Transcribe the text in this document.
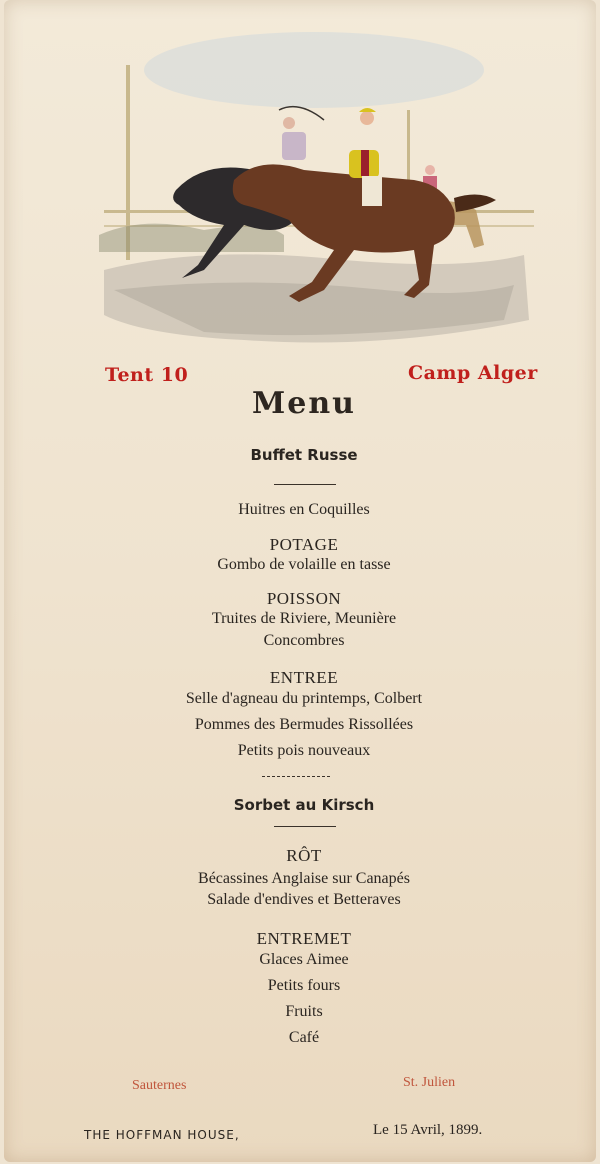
Tent 10	Camp Alger
Menu
Buffet Russe
Huitres en Coquilles
POTAGE
Gombo de volaille en tasse
POISSON
Truites de Riviere, Meunière
Concombres
ENTREE
Selle d'agneau du printemps, Colbert
Pommes des Bermudes Rissollées
Petits pois nouveaux
Sorbet au Kirsch
RÔT
Bécassines Anglaise sur Canapés
Salade d'endives et Betteraves
ENTREMET
Glaces Aimee
Petits fours
Fruits
Café
Sauternes	St. Julien
THE HOFFMAN HOUSE,	Le 15 Avril, 1899.
